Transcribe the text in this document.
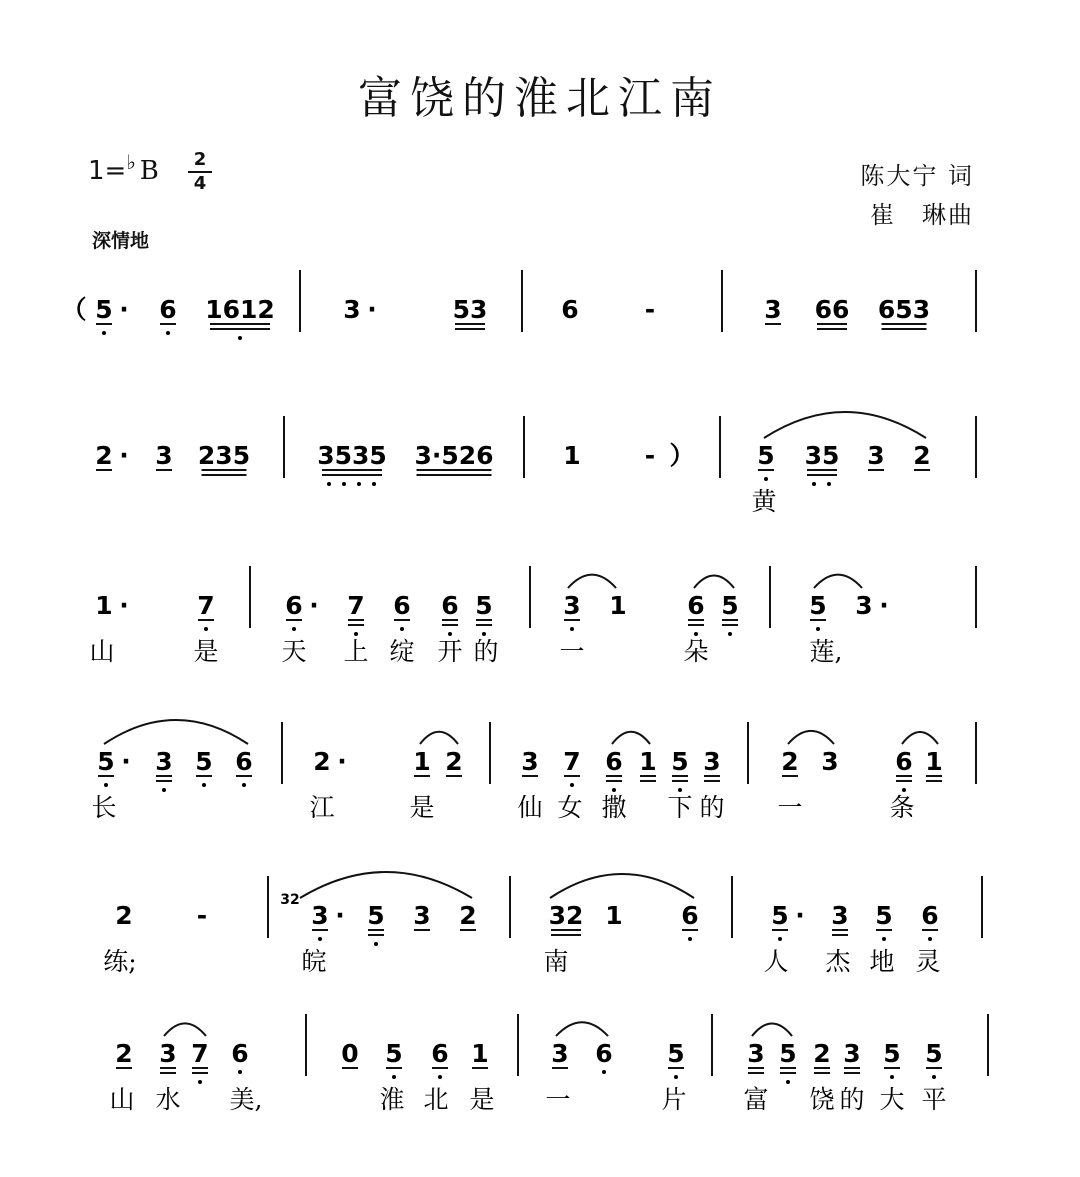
富饶的淮北江南
1=♭ B	2
4
深情地
陈大宁 词
崔　琳曲
（ 5 · 6 1612	3 ·	53	6	-	3 66 653
2 · 3 235	3535 3·526	1	- ）	5 35 3 2
黄
1 ·	7	6 · 7 6 6 5	3 1 6 5	5 3 ·
山	是	天 上 绽 开 的 一	朵	莲,
5 · 3 5 6 2 ·	1 2 3 7 6 1 5 3 2 3 6 1
长	江	是	仙 女 撒 下 的 一	条
2	-	3 · 5 3 2	32 1 6	5 · 3 5 6
32
练;	皖	南	人 杰 地 灵
2 3 7 6	0 5 6 1	3 6 5	3 5 2 3 5 5
山 水 美,	淮 北 是 一	片 富 饶 的 大 平
